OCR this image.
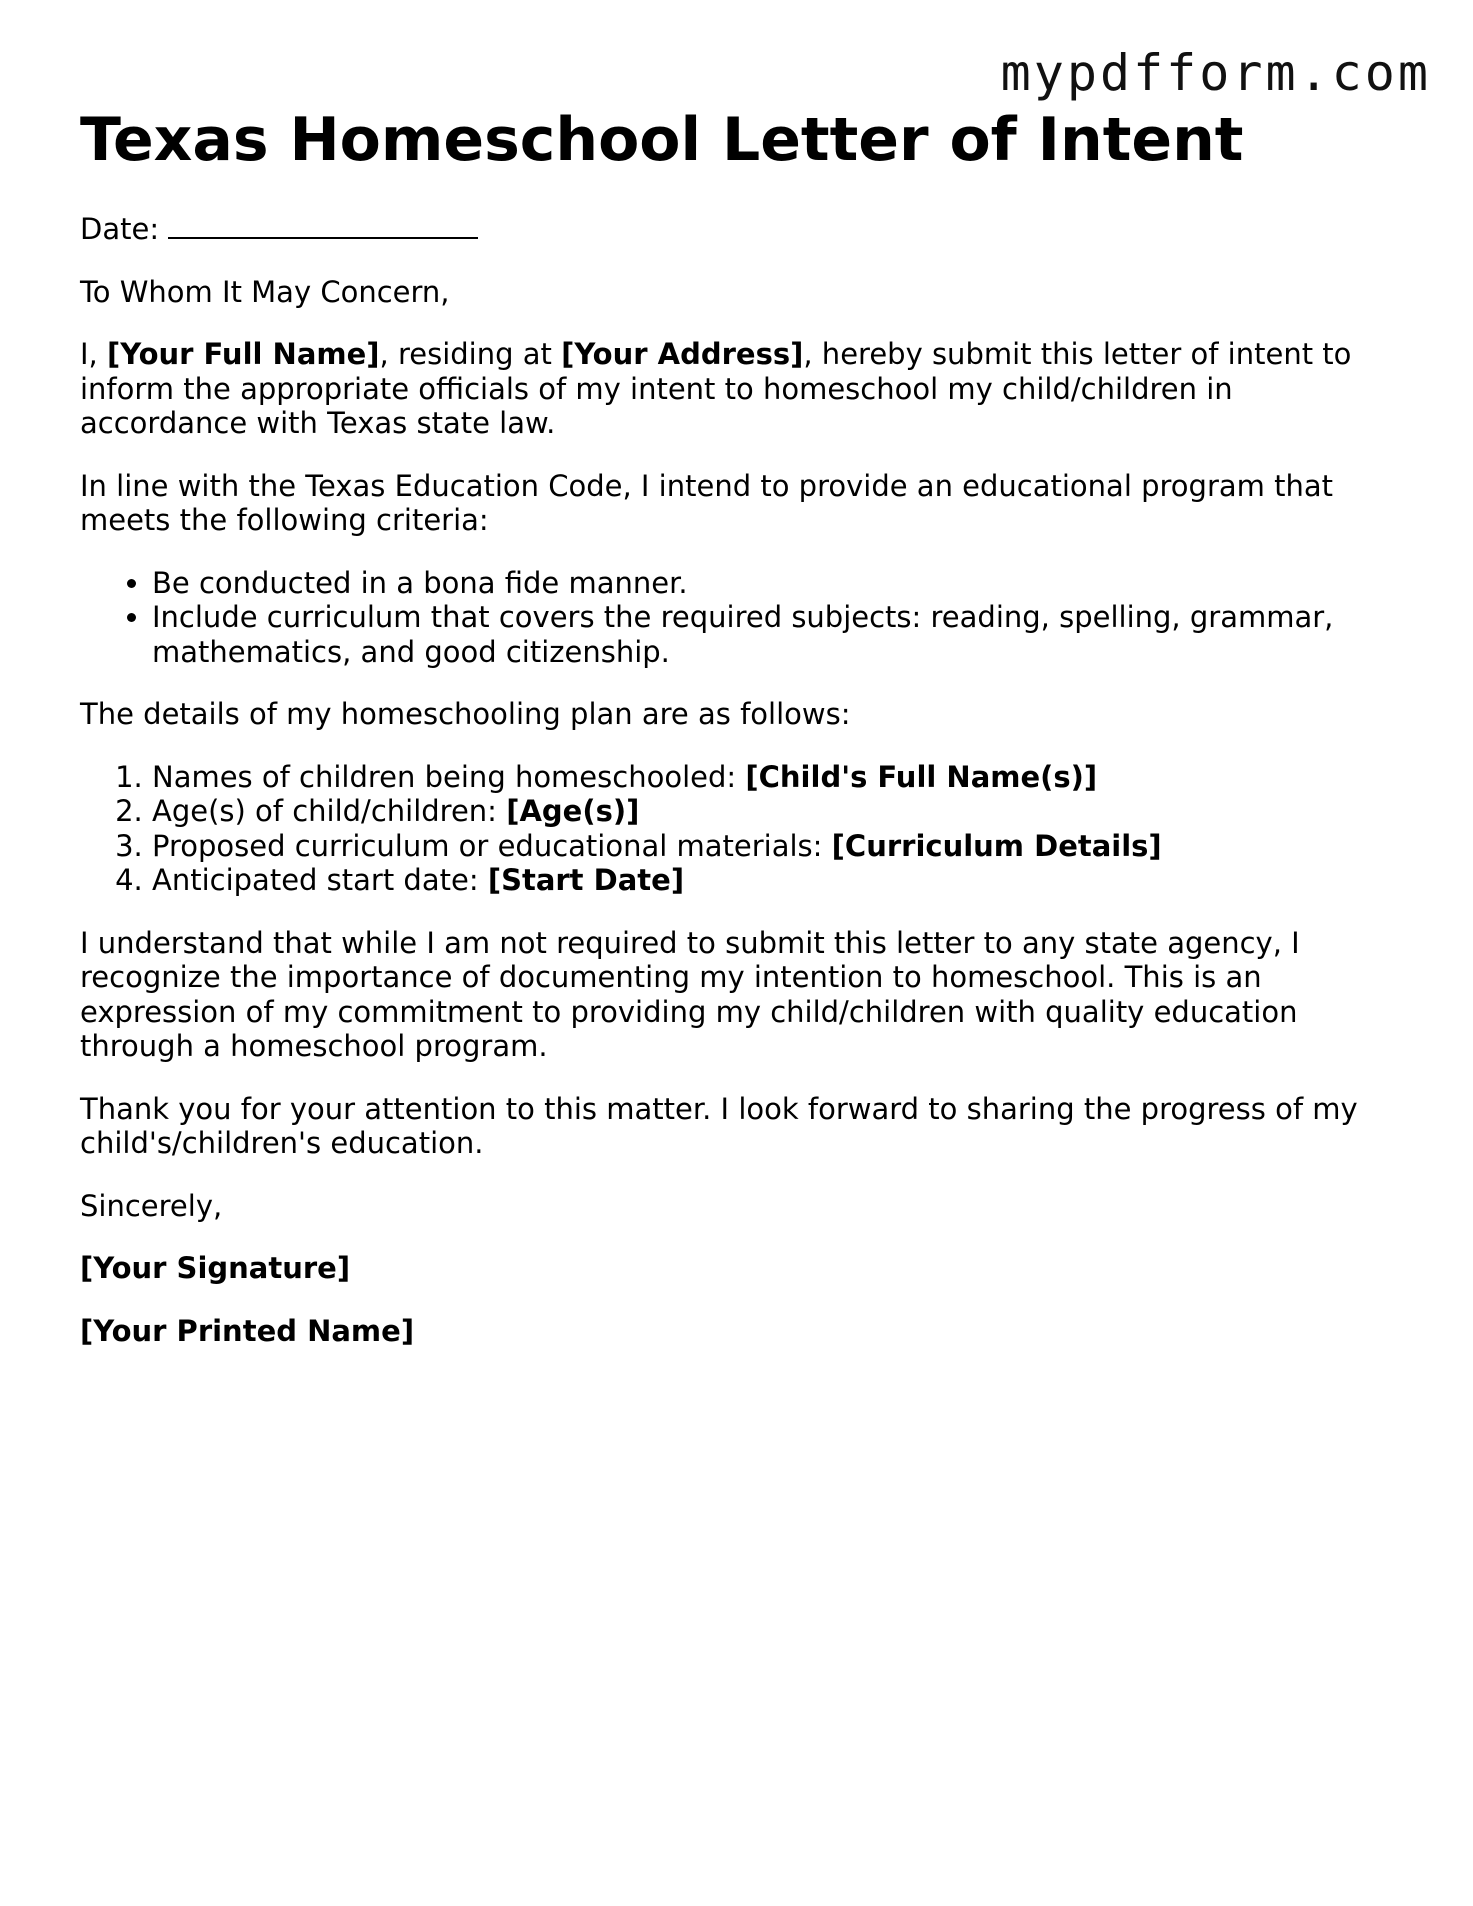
mypdfform.com
Texas Homeschool Letter of Intent

Date:

To Whom It May Concern,

I, [Your Full Name], residing at [Your Address], hereby submit this letter of intent to inform the appropriate officials of my intent to homeschool my child/children in accordance with Texas state law.

In line with the Texas Education Code, I intend to provide an educational program that meets the following criteria:

• Be conducted in a bona fide manner.
• Include curriculum that covers the required subjects: reading, spelling, grammar, mathematics, and good citizenship.

The details of my homeschooling plan are as follows:

1. Names of children being homeschooled: [Child's Full Name(s)]
2. Age(s) of child/children: [Age(s)]
3. Proposed curriculum or educational materials: [Curriculum Details]
4. Anticipated start date: [Start Date]

I understand that while I am not required to submit this letter to any state agency, I recognize the importance of documenting my intention to homeschool. This is an expression of my commitment to providing my child/children with quality education through a homeschool program.

Thank you for your attention to this matter. I look forward to sharing the progress of my child's/children's education.

Sincerely,

[Your Signature]

[Your Printed Name]
